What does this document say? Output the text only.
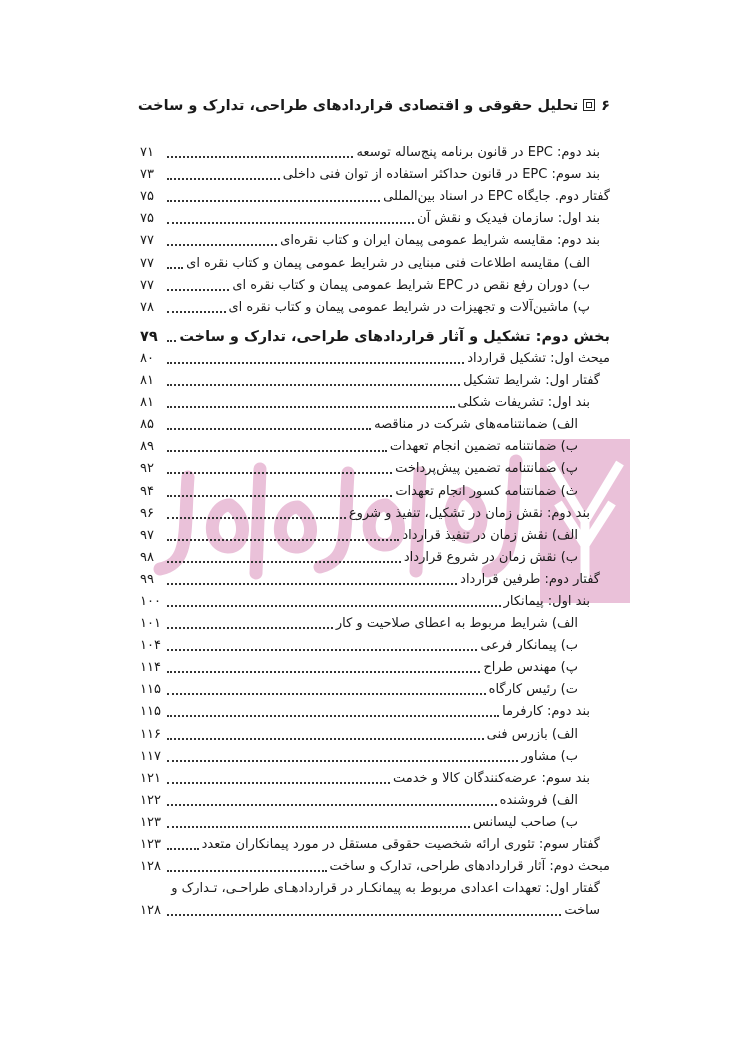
۶تحلیل حقوقی و اقتصادی قراردادهای طراحی، تدارک و ساخت
بند دوم: EPC در قانون برنامه پنج‌ساله توسعه
۷۱
بند سوم: EPC در قانون حداکثر استفاده از توان فنی داخلی
۷۳
گفتار دوم. جایگاه EPC در اسناد بین‌المللی
۷۵
بند اول: سازمان فیدیک و نقش آن
۷۵
بند دوم: مقایسه شرایط عمومی پیمان ایران و کتاب نقره‌ای
۷۷
الف) مقایسه اطلاعات فنی مبنایی در شرایط عمومی پیمان و کتاب نقره ای
۷۷
ب) دوران رفع نقص در EPC شرایط عمومی پیمان و کتاب نقره ای
۷۷
پ) ماشین‌آلات و تجهیزات در شرایط عمومی پیمان و کتاب نقره ای
۷۸
بخش دوم: تشکیل و آثار قراردادهای طراحی، تدارک و ساخت
۷۹
میحث اول: تشکیل قرارداد
۸۰
گفتار اول: شرایط تشکیل
۸۱
بند اول: تشریفات شکلی
۸۱
الف) ضمانتنامه‌های شرکت در مناقصه
۸۵
ب) ضمانتنامه تضمین انجام تعهدات
۸۹
پ) ضمانتنامه تضمین پیش‌پرداخت
۹۲
ث) ضمانتنامه کسور انجام تعهدات
۹۴
بند دوم: نقش زمان در تشکیل، تنفیذ و شروع
۹۶
الف) نقش زمان در تنفیذ قرارداد
۹۷
ب) نقش زمان در شروع قرارداد
۹۸
گفتار دوم: طرفین قرارداد
۹۹
بند اول: پیمانکار
۱۰۰
الف) شرایط مربوط به اعطای صلاحیت و کار
۱۰۱
ب) پیمانکار فرعی
۱۰۴
پ) مهندس طراح
۱۱۴
ت) رئیس کارگاه
۱۱۵
بند دوم: کارفرما
۱۱۵
الف) بازرس فنی
۱۱۶
ب) مشاور
۱۱۷
بند سوم: عرضه‌کنندگان کالا و خدمت
۱۲۱
الف) فروشنده
۱۲۲
ب) صاحب لیسانس
۱۲۳
گفتار سوم: تئوری ارائه شخصیت حقوقی مستقل در مورد پیمانکاران متعدد
۱۲۳
مبحث دوم: آثار قراردادهای طراحی، تدارک و ساخت
۱۲۸
گفتار اول: تعهدات اعدادی مربوط به پیمانکـار در قراردادهـای طراحـی، تـدارک و
ساخت
۱۲۸
